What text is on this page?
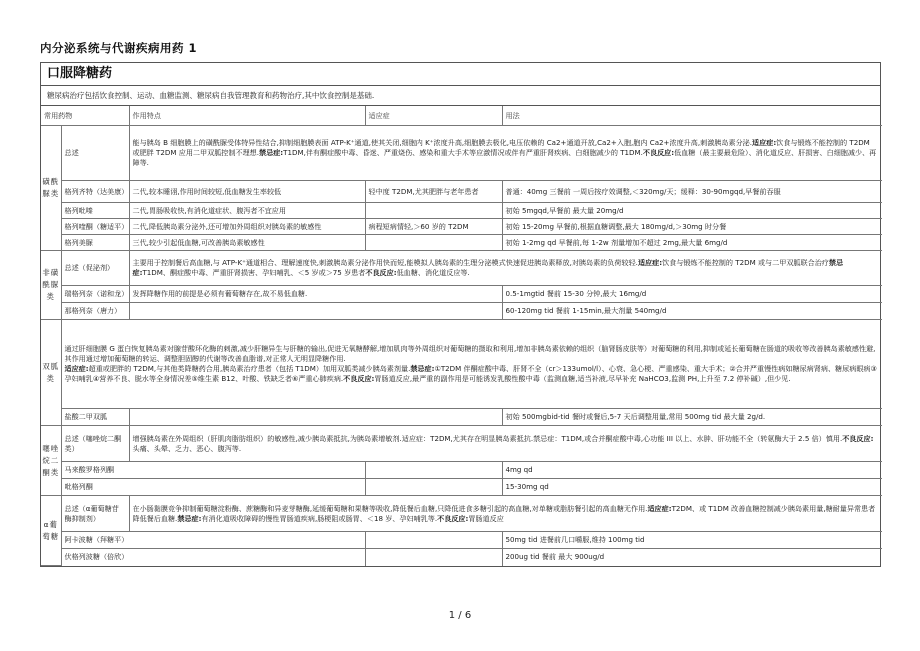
内分泌系统与代谢疾病用药 1
口服降糖药
糖尿病治疗包括饮食控制、运动、血糖监测、糖尿病自我管理教育和药物治疗,其中饮食控制是基础.
常用药物		作用特点	适应症	用法
磺酰脲类	总述	能与胰岛 B 细胞膜上的磺酰脲受体特异性结合,抑制细胞膜表面 ATP-K⁺通道,使其关闭,细胞内 K⁺浓度升高,细胞膜去极化,电压依赖的 Ca2+通道开放,Ca2+入胞,胞内 Ca2+浓度升高,刺激胰岛素分泌.适应症:饮食与锻炼不能控制的 T2DM 或肥胖 T2DM 应用二甲双胍控制不理想.禁忌症:T1DM,伴有酮症酸中毒、昏迷、严重烧伤、感染和重大手术等应激情况或伴有严重肝肾疾病、白细胞减少的 T1DM.不良反应:低血糖（最主要最危险）、消化道反应、肝损害、白细胞减少、再障等.		
	格列齐特（达美康）	二代,较本睡诩,作用时间较短,低血糖发生率较低	轻中度 T2DM,尤其肥胖与老年患者	普通：40mg 三餐前 一周后按疗效调整,＜320mg/天；缓释：30-90mgqd,早餐前吞服
	格列吡嗪	二代,胃肠吸收快,有消化道症状、腹泻者不宜应用		初始 5mgqd,早餐前 最大量 20mg/d
	格列喹酮（糖适平）	二代,降低胰岛素分泌外,还可增加外周组织对胰岛素的敏感性	病程短病情轻,＞60 岁的 T2DM	初始 15-20mg 早餐前,根据血糖调整,最大 180mg/d,＞30mg 时分餐
	格列美脲	三代,较少引起低血糖,可改善胰岛素敏感性		初始 1-2mg qd 早餐前,每 1-2w 剂量增加不超过 2mg,最大量 6mg/d
非磺酰脲类	总述（促泌剂）	主要用于控制餐后高血糖,与 ATP-K⁺通道相合、理解速度快,刺激胰岛素分泌作用快而短,能模拟人胰岛素的生理分泌模式快速促进胰岛素释放,对胰岛素的负荷较轻.适应症:饮食与锻炼不能控制的 T2DM 或与二甲双胍联合治疗禁忌症:T1DM、酮症酸中毒、严重肝肾损害、孕妇哺乳、＜5 岁或＞75 岁患者不良反应:低血糖、消化道反应等.		
	瑞格列奈（诺和龙）	发挥降糖作用的前提是必须有葡萄糖存在,故不易低血糖.		0.5-1mgtid 餐前 15-30 分钟,最大 16mg/d
	那格列奈（唐力）			60-120mg tid 餐前 1-15min,最大剂量 540mg/d
双胍类	通过肝细胞膜 G 蛋白恢复胰岛素对腺苷酸环化酶的刺激,减少肝糖异生与肝糖的输出,促进无氧糖酵解,增加肌肉等外周组织对葡萄糖的摄取和利用,增加非胰岛素依赖的组织（脑肾肠皮肤等）对葡萄糖的利用,抑制或延长葡萄糖在肠道的吸收等改善胰岛素敏感性避,其作用通过增加葡萄糖的转运、调整胆固醇的代谢等改善血脂谱,对正常人无明显降糖作用.
适应症:超重或肥胖的 T2DM,与其他类降糖药合用,胰岛素治疗患者（包括 T1DM）加用双胍类减少胰岛素剂量.禁忌症:①T2DM 伴酮症酸中毒、肝肾不全（cr＞133umol/l）、心衰、急心梗、严重感染、重大手术；②合并严重慢性病如糖尿病肾病、糖尿病眼病③孕妇哺乳④营养不良、脱水等全身情况差⑤维生素 B12、叶酸、铁缺乏者⑥严重心肺疾病.不良反应:胃肠道反应,最严重的副作用是可能诱发乳酸性酸中毒（监测血糖,适当补液,尽早补充 NaHCO3,监测 PH,上升至 7.2 停补碱）,但少见.			
	盐酸二甲双胍			初始 500mgbid-tid 餐时或餐后,5-7 天后调整用量,常用 500mg tid 最大量 2g/d.
噻唑烷二酮类	总述（噻唑烷二酮类）	增强胰岛素在外周组织（肝肌肉脂肪组织）的敏感性,减少胰岛素抵抗,为胰岛素增敏剂.适应症：T2DM,尤其存在明显胰岛素抵抗.禁忌症：T1DM,或合并酮症酸中毒,心功能 III 以上、水肿、肝功能不全（转氨酶大于 2.5 倍）慎用.不良反应:头痛、头晕、乏力、恶心、腹泻等.		
	马来酸罗格列酮			4mg qd
	吡格列酮			15-30mg qd
α葡萄糖	总述（α葡萄糖苷酶抑制剂）	在小肠黏膜竞争抑制葡萄糖淀粉酶、蔗糖酶和异麦芽糖酶,延缓葡萄糖和果糖等吸收,降低餐后血糖,只降低进食多糖引起的高血糖,对单糖或脂肪餐引起的高血糖无作用.适应症:T2DM、或 T1DM 改善血糖控制减少胰岛素用量,糖耐量异常患者降低餐后血糖.禁忌症:有消化道吸收障碍的慢性胃肠道疾病,肠梗阻或肠胃、＜18 岁、孕妇哺乳等.不良反应:胃肠道反应		
	阿卡波糖（拜糖平）			50mg tid 进餐前几口嚼服,维持 100mg tid
	伏格列波糖（倍欣）			200ug tid 餐前 最大 900ug/d
1 / 6
